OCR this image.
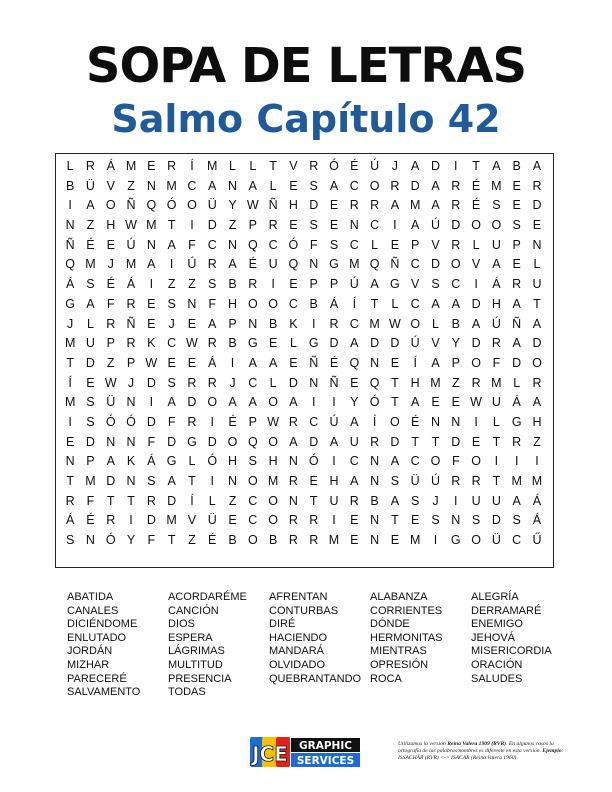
SOPA DE LETRAS
Salmo Capítulo 42
L R Á M E R	Í	M L	L	T V R Ó É Ú	J	A D	I	T A B A
B Ü V Z N M C A N A	L	E S A C O R D A R É M E R
I	A O Ñ Q Ó O Ü Y W Ñ H D E R R A M A R É S E D
N Z H W M T	I	D Z P R E S E N C	I	A Ú D O O S E
Ñ É E Ú N A F C N Q C Ó F S C L	E P V R L U P N
Q M J M A	I	Ú R A É U Q N G M Q Ñ C D O V A E	L
Á S É Á	I	Z	Z S B R	I	E P P Ú A G V S C	I	Á R U
G A F R E S N F H O O C B Á	Í	T	L C A A D H A T
J	L R Ñ E	J	E A P N B K	I	R C M W O L	B A Ú Ñ A
M U P R K C W R B G E	L G D A D D Ú V Y D R A D
T D Z P W E E Á	I	A A E Ñ É Q N E	Í	A P O F D O
Í	E W J	D S R R	J	C L D N Ñ E Q T H M Z R M L R
M S Ü N	I	A D O A A O A	I	I	Y Ó T A E E W U Á A
I	S Ó Ó D F R	I	É P W R C Ú A	Í	O É N N	I	L G H
E D N N F D G D O Q O A D A U R D T	T D E T R Z
N P A K Á G L Ó H S H N Ó	I	C N A C O F O	I	I	I
T M D N S A T	I	N O M R E H A N S Ü Ú R R T M M
R F	T	T R D	Í	L	Z C O N T U R B A S	J	I	U U A Á
Á É R	I	D M V Ü E C O R R	I	E N T E S N S D S Á
S N Ó Y F	T	Z É B O B R R M E N E M	I	G O Ü C Ű
ABATIDA
CANALES
DICIÉNDOME
ENLUTADO
JORDÁN
MIZHAR
PARECERÉ
SALVAMENTO
ACORDARÉME
CANCIÓN
DIOS
ESPERA
LÁGRIMAS
MULTITUD
PRESENCIA
TODAS
AFRENTAN
CONTURBAS
DIRÉ
HACIENDO
MANDARÁ
OLVIDADO
QUEBRANTANDO
ALABANZA
CORRIENTES
DÓNDE
HERMONITAS
MIENTRAS
OPRESIÓN
ROCA
ALEGRÍA
DERRAMARÉ
ENEMIGO
JEHOVÁ
MISERICORDIA
ORACIÓN
SALUDES
JCE GRAPHIC
SERVICES
Utilizamos la versión Reina Valera 1909 (RVR). En algunos casos la ortografía de las palabras/nombres es diferente en esta versión. Ejemplo: ISSACHÂR (RVR) <-> ISACAR (Reina Valera 1960)
